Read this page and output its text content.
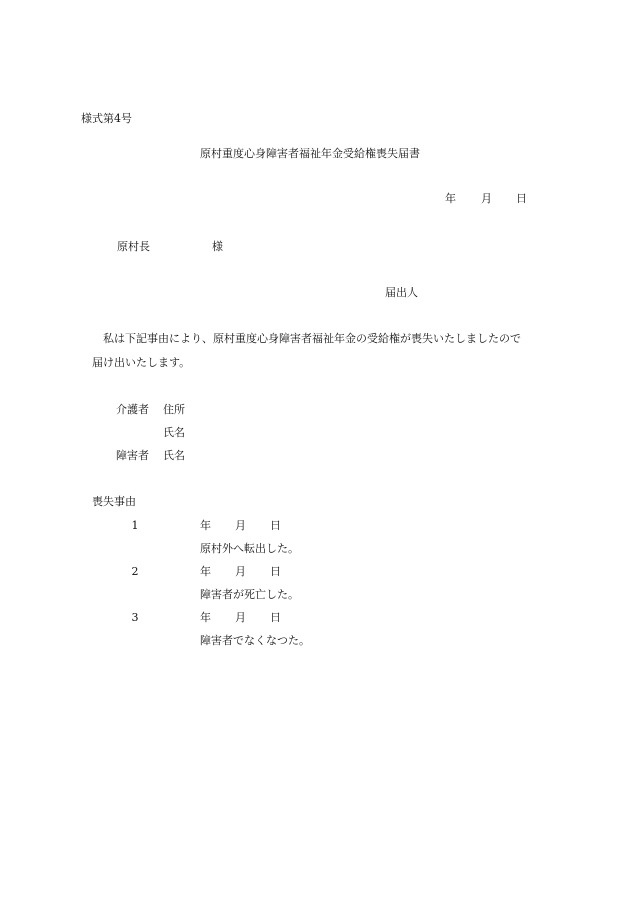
様式第4号
原村重度心身障害者福祉年金受給権喪失届書
年 月 日
原村長	様
届出人
私は下記事由により、原村重度心身障害者福祉年金の受給権が喪失いたしましたので
届け出いたします。
介護者 住所
氏名
障害者 氏名
喪失事由
1	年 月 日
原村外へ転出した。
2	年 月 日
障害者が死亡した。
3	年 月 日
障害者でなくなつた。
